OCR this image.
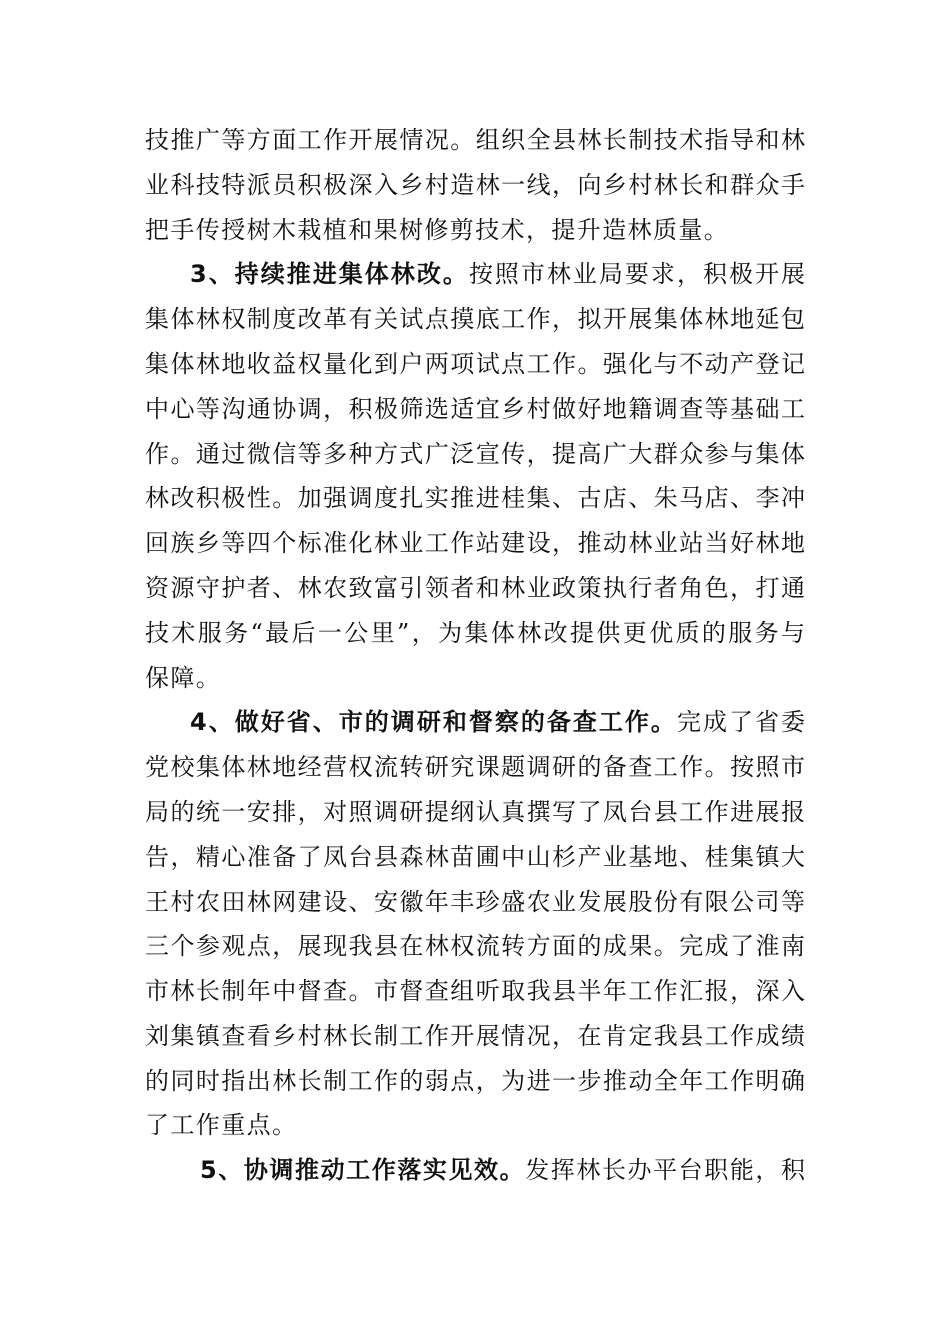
技推广等方面工作开展情况。组织全县林长制技术指导和林
业科技特派员积极深入乡村造林一线，向乡村林长和群众手
把手传授树木栽植和果树修剪技术，提升造林质量。
3、持续推进集体林改。按照市林业局要求，积极开展
集体林权制度改革有关试点摸底工作，拟开展集体林地延包
集体林地收益权量化到户两项试点工作。强化与不动产登记
中心等沟通协调，积极筛选适宜乡村做好地籍调查等基础工
作。通过微信等多种方式广泛宣传，提高广大群众参与集体
林改积极性。加强调度扎实推进桂集、古店、朱马店、李冲
回族乡等四个标准化林业工作站建设，推动林业站当好林地
资源守护者、林农致富引领者和林业政策执行者角色，打通
技术服务“最后一公里”，为集体林改提供更优质的服务与
保障。
4、做好省、市的调研和督察的备查工作。完成了省委
党校集体林地经营权流转研究课题调研的备查工作。按照市
局的统一安排，对照调研提纲认真撰写了凤台县工作进展报
告，精心准备了凤台县森林苗圃中山杉产业基地、桂集镇大
王村农田林网建设、安徽年丰珍盛农业发展股份有限公司等
三个参观点，展现我县在林权流转方面的成果。完成了淮南
市林长制年中督查。市督查组听取我县半年工作汇报，深入
刘集镇查看乡村林长制工作开展情况，在肯定我县工作成绩
的同时指出林长制工作的弱点，为进一步推动全年工作明确
了工作重点。
5、协调推动工作落实见效。发挥林长办平台职能，积
